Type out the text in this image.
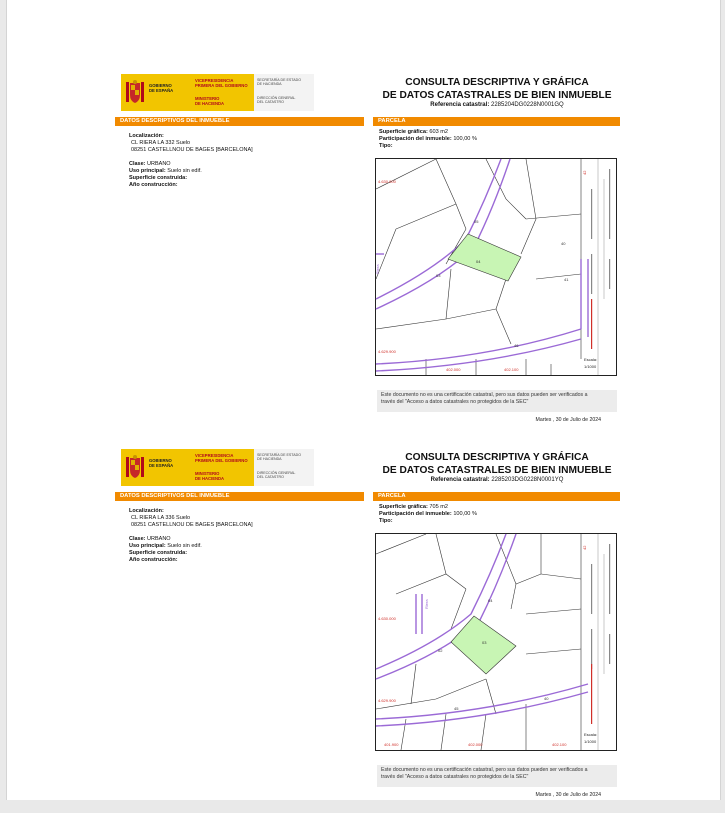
GOBIERNO
DE ESPAÑA
VICEPRESIDENCIA
PRIMERA DEL GOBIERNO
MINISTERIO
DE HACIENDA
SECRETARÍA DE ESTADO
DE HACIENDA
DIRECCIÓN GENERAL
DEL CATASTRO
CONSULTA DESCRIPTIVA Y GRÁFICA
DE DATOS CATASTRALES DE BIEN INMUEBLE
Referencia catastral: 2285204DG0228N0001GQ
DATOS DESCRIPTIVOS DEL INMUEBLE	PARCELA
Localización:
CL RIERA LA 332 Suelo
08251 CASTELLNOU DE BAGES [BARCELONA]
Clase: URBANO
Uso principal: Suelo sin edif.
Superficie construida:
Año construcción:
Superficie gráfica: 603 m2
Participación del inmueble: 100,00 %
Tipo:
04
05
03
40
41
46
4.630.000
4.629.900
402.000	402.100
Riera
42
Escala:
1/1000
Este documento no es una certificación catastral, pero sus datos pueden ser verificados a
través del "Acceso a datos catastrales no protegidos de la SEC"
Martes , 30 de Julio de 2024
GOBIERNO
DE ESPAÑA
VICEPRESIDENCIA
PRIMERA DEL GOBIERNO
MINISTERIO
DE HACIENDA
SECRETARÍA DE ESTADO
DE HACIENDA
DIRECCIÓN GENERAL
DEL CATASTRO
CONSULTA DESCRIPTIVA Y GRÁFICA
DE DATOS CATASTRALES DE BIEN INMUEBLE
Referencia catastral: 2285203DG0228N0001YQ
DATOS DESCRIPTIVOS DEL INMUEBLE	PARCELA
Localización:
CL RIERA LA 336 Suelo
08251 CASTELLNOU DE BAGES [BARCELONA]
Clase: URBANO
Uso principal: Suelo sin edif.
Superficie construida:
Año construcción:
Superficie gráfica: 705 m2
Participación del inmueble: 100,00 %
Tipo:
03
04
02
40
45
4.630.000
4.629.900
401.900	402.000	402.100
Riera
42
Escala:
1/1000
Este documento no es una certificación catastral, pero sus datos pueden ser verificados a
través del "Acceso a datos catastrales no protegidos de la SEC"
Martes , 30 de Julio de 2024
